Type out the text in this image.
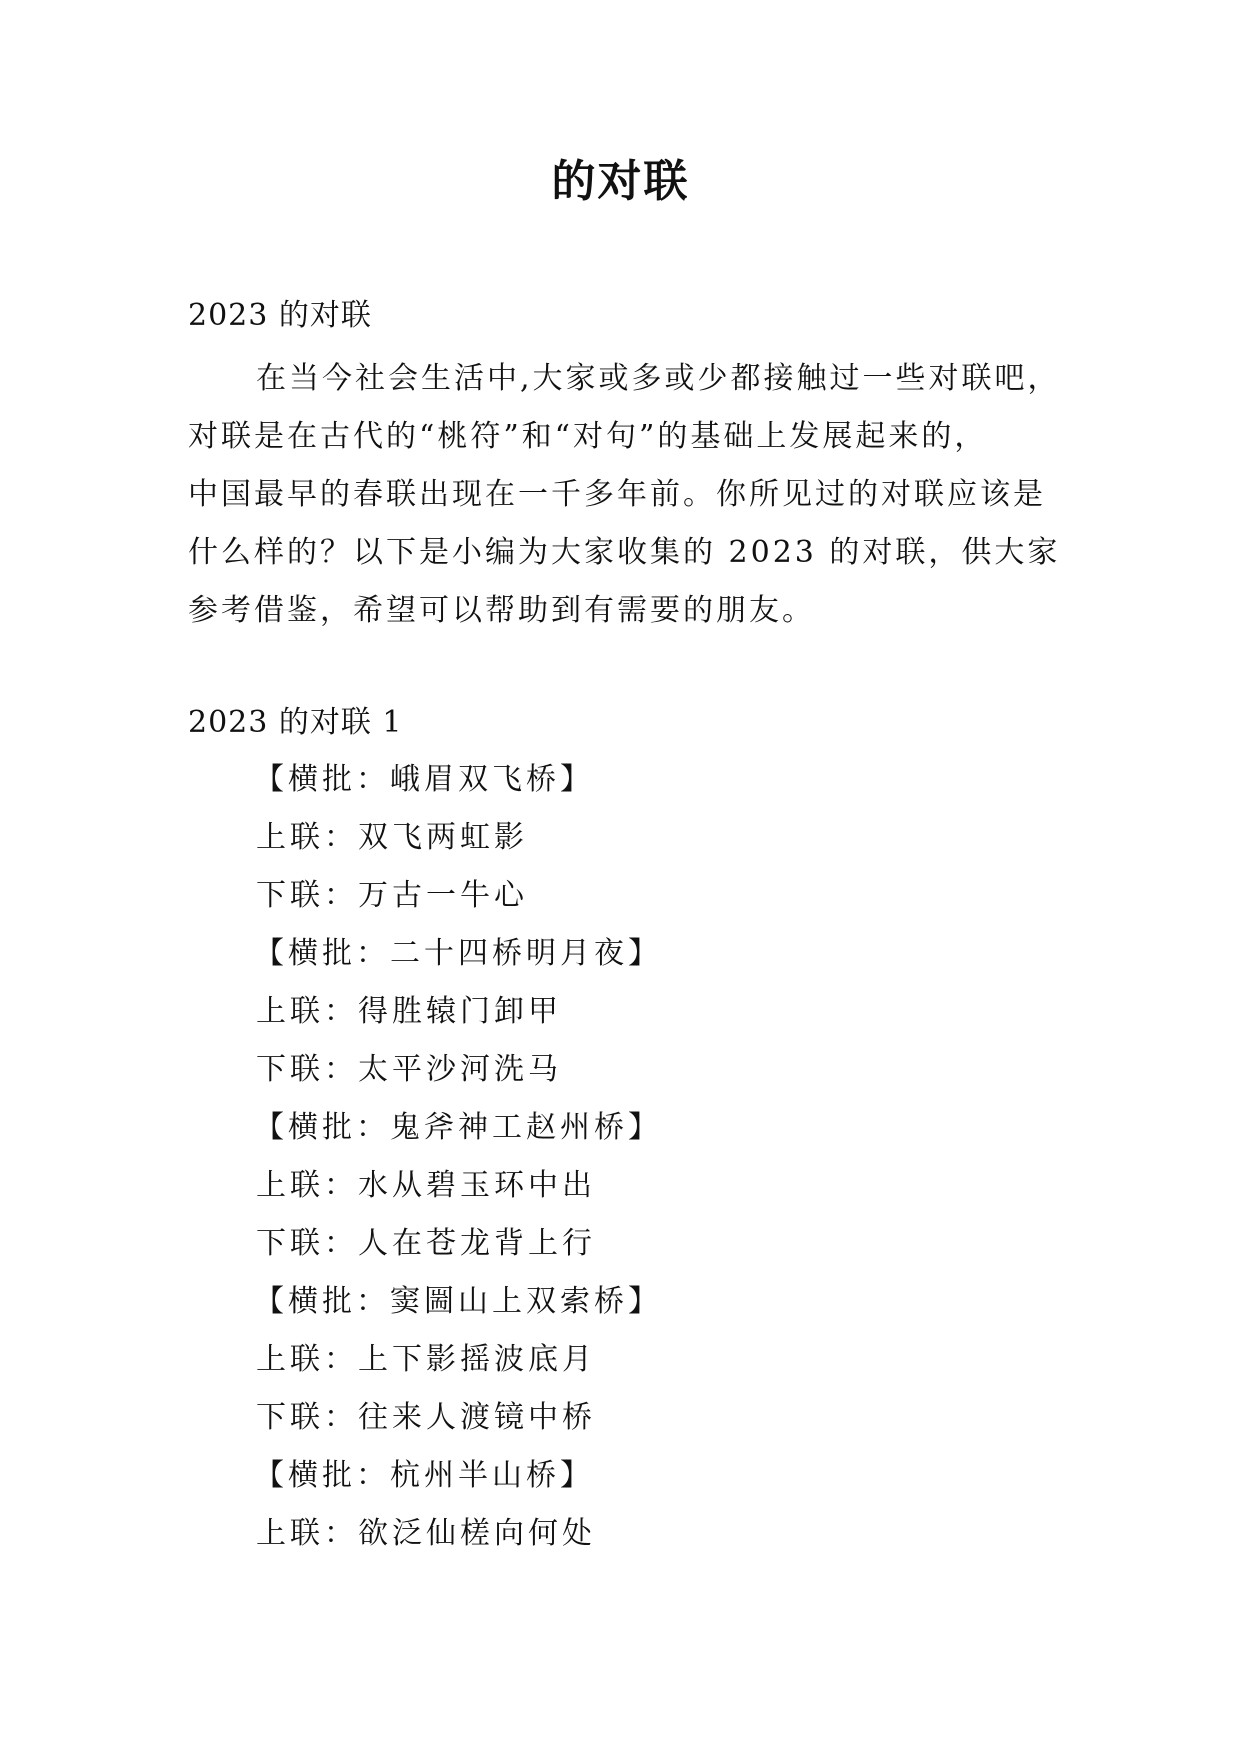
的对联
2023 的对联
在当今社会生活中,大家或多或少都接触过一些对联吧，
对联是在古代的“桃符”和“对句”的基础上发展起来的，
中国最早的春联出现在一千多年前。你所见过的对联应该是
什么样的？以下是小编为大家收集的 2023 的对联，供大家
参考借鉴，希望可以帮助到有需要的朋友。
2023 的对联 1
【横批：峨眉双飞桥】
上联：双飞两虹影
下联：万古一牛心
【横批：二十四桥明月夜】
上联：得胜辕门卸甲
下联：太平沙河洗马
【横批：鬼斧神工赵州桥】
上联：水从碧玉环中出
下联：人在苍龙背上行
【横批：窦圌山上双索桥】
上联：上下影摇波底月
下联：往来人渡镜中桥
【横批：杭州半山桥】
上联：欲泛仙槎向何处
